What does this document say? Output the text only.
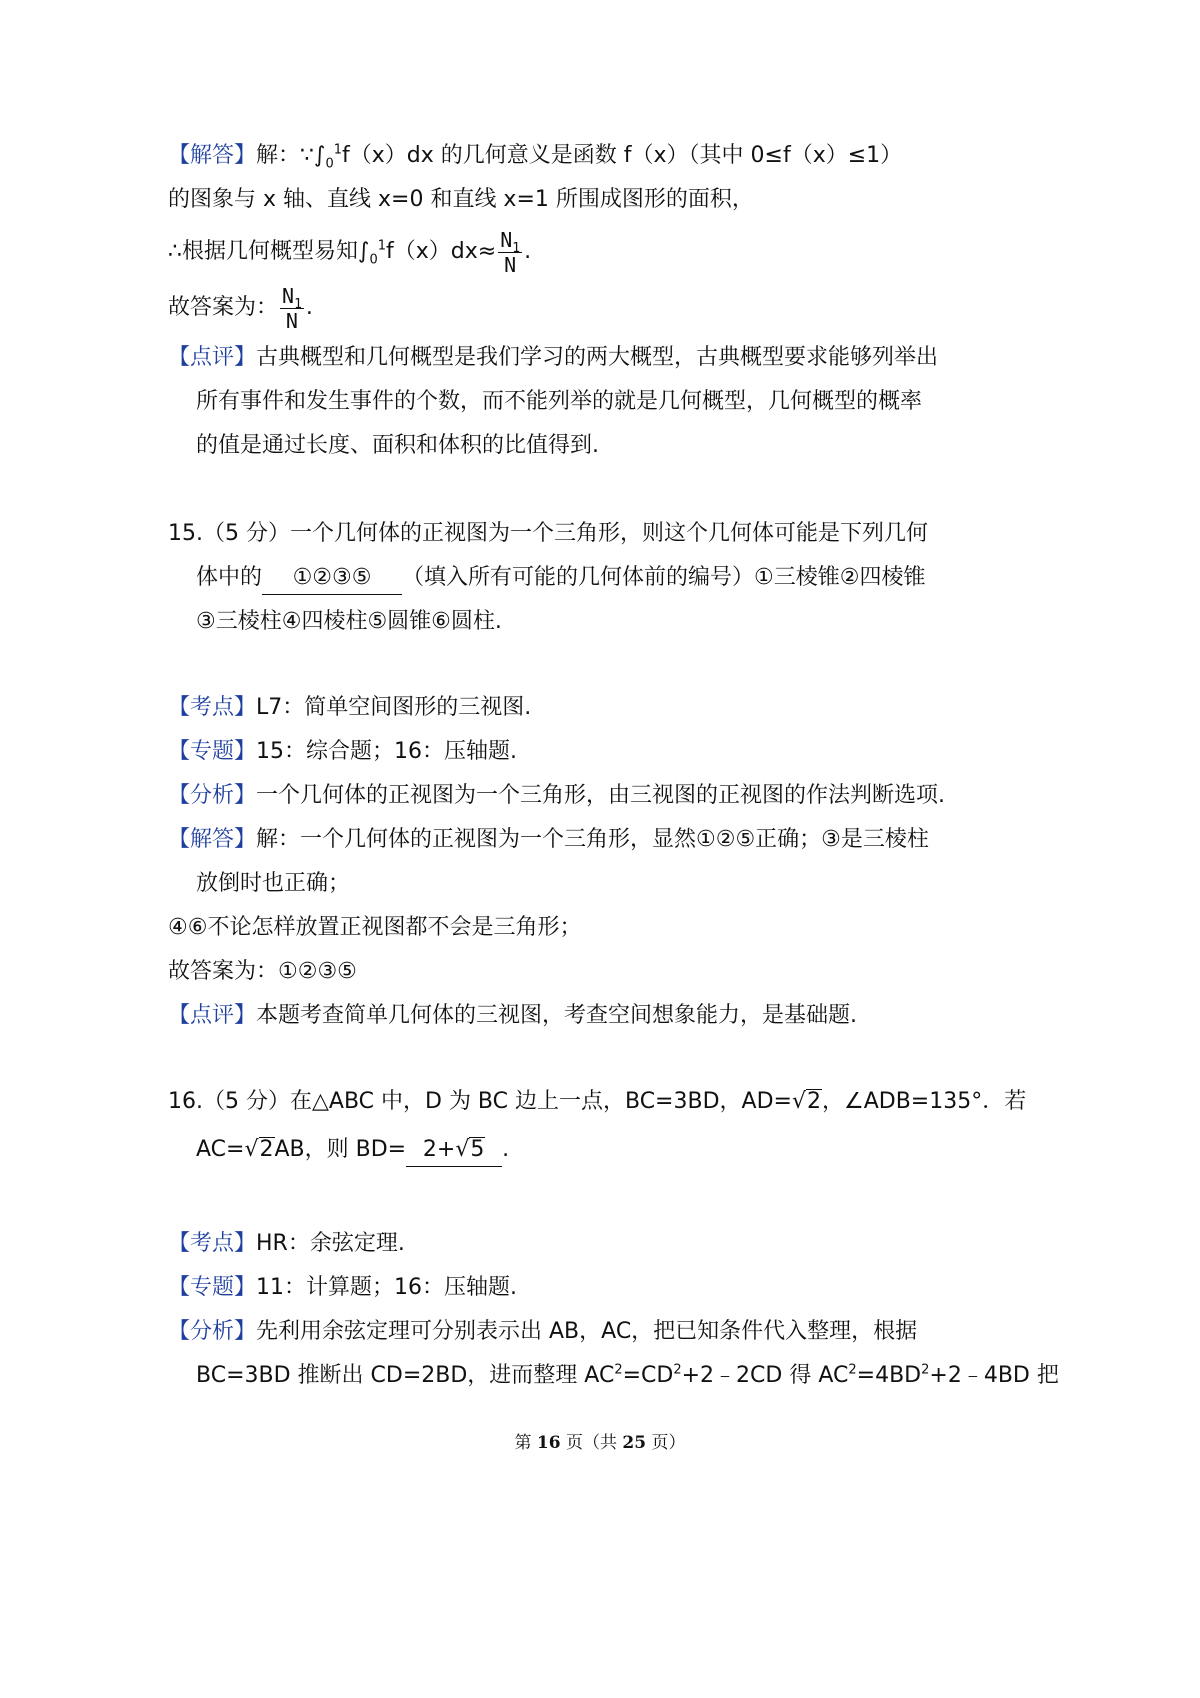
【解答】解：$\because\int_0^1f(x)dx$ 的几何意义是函数 f（x）（其中 0≤f（x）≤1）
的图象与 x 轴、直线 x=0 和直线 x=1 所围成图形的面积，
∴根据几何概型易知$\int_0^1f(x)dx\approx \frac{N_1}{N}$ .
故答案为： $\frac{N_1}{N}$ .
【点评】古典概型和几何概型是我们学习的两大概型，古典概型要求能够列举出
所有事件和发生事件的个数，而不能列举的就是几何概型，几何概型的概率
的值是通过长度、面积和体积的比值得到.
15.（5 分）一个几何体的正视图为一个三角形，则这个几何体可能是下列几何
体中的 ①②③⑤ （填入所有可能的几何体前的编号）①三棱锥②四棱锥
③三棱柱④四棱柱⑤圆锥⑥圆柱.
【考点】L7：简单空间图形的三视图.
【专题】15：综合题；16：压轴题.
【分析】一个几何体的正视图为一个三角形，由三视图的正视图的作法判断选项.
【解答】解：一个几何体的正视图为一个三角形，显然①②⑤正确；③是三棱柱
放倒时也正确；
④⑥不论怎样放置正视图都不会是三角形；
故答案为：①②③⑤
【点评】本题考查简单几何体的三视图，考查空间想象能力，是基础题.
16.（5 分）在△ABC 中，D 为 BC 边上一点，BC=3BD，AD=√2，∠ADB=135°．若
AC=√2AB，则 BD= 2+√5 .
【考点】HR：余弦定理.
【专题】11：计算题；16：压轴题.
【分析】先利用余弦定理可分别表示出 AB，AC，把已知条件代入整理，根据
BC=3BD 推断出 CD=2BD，进而整理 $AC^2=CD^2+2﹣2CD$ 得 $AC^2=4BD^2+2﹣4BD$ 把
第 16 页（共 25 页）
